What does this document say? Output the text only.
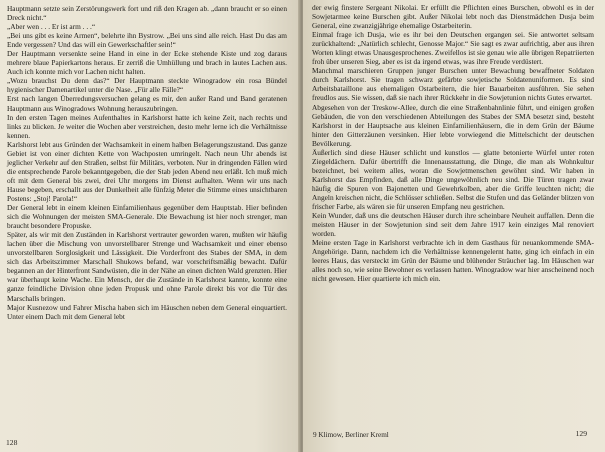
Hauptmann setzte sein Zerstörungswerk fort und riß den Kragen ab. „dann braucht er so einen Dreck nicht.“

„Aber wen . . . Er ist arm . . .“

„Bei uns gibt es keine Armen“, belehrte ihn Bystrow. „Bei uns sind alle reich. Hast Du das am Ende vergessen? Und das will ein Gewerkschaftler sein!“

Der Hauptmann versenkte seine Hand in eine in der Ecke stehende Kiste und zog daraus mehrere blaue Papierkartons heraus. Er zerriß die Umhüllung und brach in lautes Lachen aus. Auch ich konnte mich vor Lachen nicht halten.

„Wozu brauchst Du denn das?“ Der Hauptmann steckte Winogradow ein rosa Bündel hygienischer Damenartikel unter die Nase. „Für alle Fälle?“

Erst nach langen Überredungsversuchen gelang es mir, den außer Rand und Band geratenen Hauptmann aus Winogradows Wohnung herauszubringen.

In den ersten Tagen meines Aufenthaltes in Karlshorst hatte ich keine Zeit, nach rechts und links zu blicken. Je weiter die Wochen aber verstreichen, desto mehr lerne ich die Verhältnisse kennen.

Karlshorst lebt aus Gründen der Wachsamkeit in einem halben Belagerungszustand. Das ganze Gebiet ist von einer dichten Kette von Wachposten umringelt. Nach neun Uhr abends ist jeglicher Verkehr auf den Straßen, selbst für Militärs, verboten. Nur in dringenden Fällen wird die entsprechende Parole bekanntgegeben, die der Stab jeden Abend neu erläßt. Ich muß mich oft mit dem General bis zwei, drei Uhr morgens im Dienst aufhalten. Wenn wir uns nach Hause begeben, erschallt aus der Dunkelheit alle fünfzig Meter die Stimme eines unsichtbaren Postens: „Stoj! Parola!“

Der General lebt in einem kleinen Einfamilienhaus gegenüber dem Hauptstab. Hier befinden sich die Wohnungen der meisten SMA-Generale. Die Bewachung ist hier noch strenger, man braucht besondere Propuske.

Später, als wir mit den Zuständen in Karlshorst vertrauter geworden waren, mußten wir häufig lachen über die Mischung von unvorstellbarer Strenge und Wachsamkeit und einer ebenso unvorstellbaren Sorglosigkeit und Lässigkeit. Die Vorderfront des Stabes der SMA, in dem sich das Arbeitszimmer Marschall Shukows befand, war vorschriftsmäßig bewacht. Dafür begannen an der Hinterfront Sandwüsten, die in der Nähe an einen dichten Wald grenzten. Hier war überhaupt keine Wache. Ein Mensch, der die Zustände in Karlshorst kannte, konnte eine ganze feindliche Division ohne jeden Propusk und ohne Parole direkt bis vor die Tür des Marschalls bringen.

Major Kusnezow und Fahrer Mischa haben sich im Häuschen neben dem General einquartiert. Unter einem Dach mit dem General lebt

128

der ewig finstere Sergeant Nikolai. Er erfüllt die Pflichten eines Burschen, obwohl es in der Sowjetarmee keine Burschen gibt. Außer Nikolai lebt noch das Dienstmädchen Dusja beim General, eine zwanzigjährige ehemalige Ostarbeiterin.

Einmal frage ich Dusja, wie es ihr bei den Deutschen ergangen sei. Sie antwortet seltsam zurückhaltend: „Natürlich schlecht, Genosse Major.“ Sie sagt es zwar aufrichtig, aber aus ihren Worten klingt etwas Unausgesprochenes. Zweifellos ist sie genau wie alle übrigen Repatriierten froh über unseren Sieg, aber es ist da irgend etwas, was ihre Freude verdüstert.

Manchmal marschieren Gruppen junger Burschen unter Bewachung bewaffneter Soldaten durch Karlshorst. Sie tragen schwarz gefärbte sowjetische Soldatenuniformen. Es sind Arbeitsbataillone aus ehemaligen Ostarbeitern, die hier Bauarbeiten ausführen. Sie sehen freudlos aus. Sie wissen, daß sie nach ihrer Rückkehr in die Sowjetunion nichts Gutes erwartet.

Abgesehen von der Treskow-Allee, durch die eine Straßenbahnlinie führt, und einigen großen Gebäuden, die von den verschiedenen Abteilungen des Stabes der SMA besetzt sind, besteht Karlshorst in der Hauptsache aus kleinen Einfamilienhäusern, die in dem Grün der Bäume hinter den Gitterzäunen versinken. Hier lebte vorwiegend die Mittelschicht der deutschen Bevölkerung.

Äußerlich sind diese Häuser schlicht und kunstlos — glatte betonierte Würfel unter roten Ziegeldächern. Dafür übertrifft die Innenausstattung, die Dinge, die man als Wohnkultur bezeichnet, bei weitem alles, woran die Sowjetmenschen gewöhnt sind. Wir haben in Karlshorst das Empfinden, daß alle Dinge ungewöhnlich neu sind. Die Türen tragen zwar häufig die Spuren von Bajonetten und Gewehrkolben, aber die Griffe leuchten nicht; die Angeln kreischen nicht, die Schlösser schließen. Selbst die Stufen und das Geländer blitzen von frischer Farbe, als wären sie für unseren Empfang neu gestrichen.

Kein Wunder, daß uns die deutschen Häuser durch ihre scheinbare Neuheit auffallen. Denn die meisten Häuser in der Sowjetunion sind seit dem Jahre 1917 kein einziges Mal renoviert worden.

Meine ersten Tage in Karlshorst verbrachte ich in dem Gasthaus für neuankommende SMA-Angehörige. Dann, nachdem ich die Verhältnisse kennengelernt hatte, ging ich einfach in ein leeres Haus, das versteckt im Grün der Bäume und blühender Sträucher lag. Im Häuschen war alles noch so, wie seine Bewohner es verlassen hatten. Winogradow war hier anscheinend noch nicht gewesen. Hier quartierte ich mich ein.

9 Klimow, Berliner Kreml	129
